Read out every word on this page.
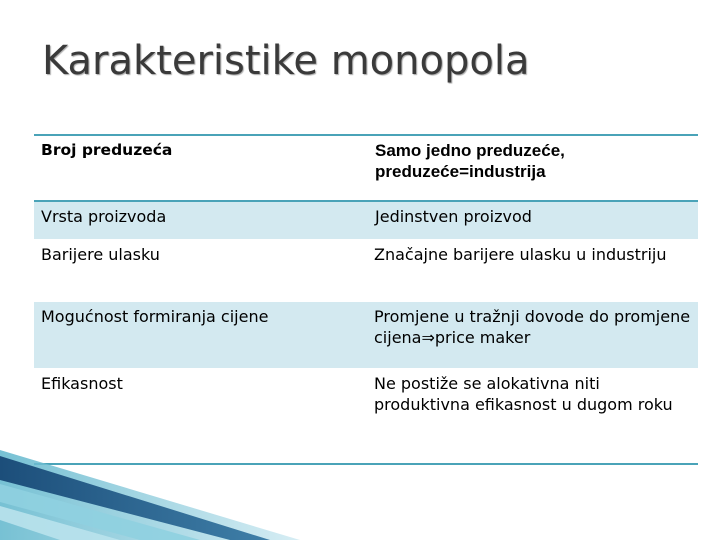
Karakteristike monopola
Broj preduzeća	Samo jedno preduzeće, preduzeće=industrija
Vrsta proizvoda	Jedinstven proizvod
Barijere ulasku	Značajne barijere ulasku u industriju
Mogućnost formiranja cijene	Promjene u tražnji dovode do promjene cijena⇒price maker
Efikasnost	Ne postiže se alokativna niti produktivna efikasnost u dugom roku
